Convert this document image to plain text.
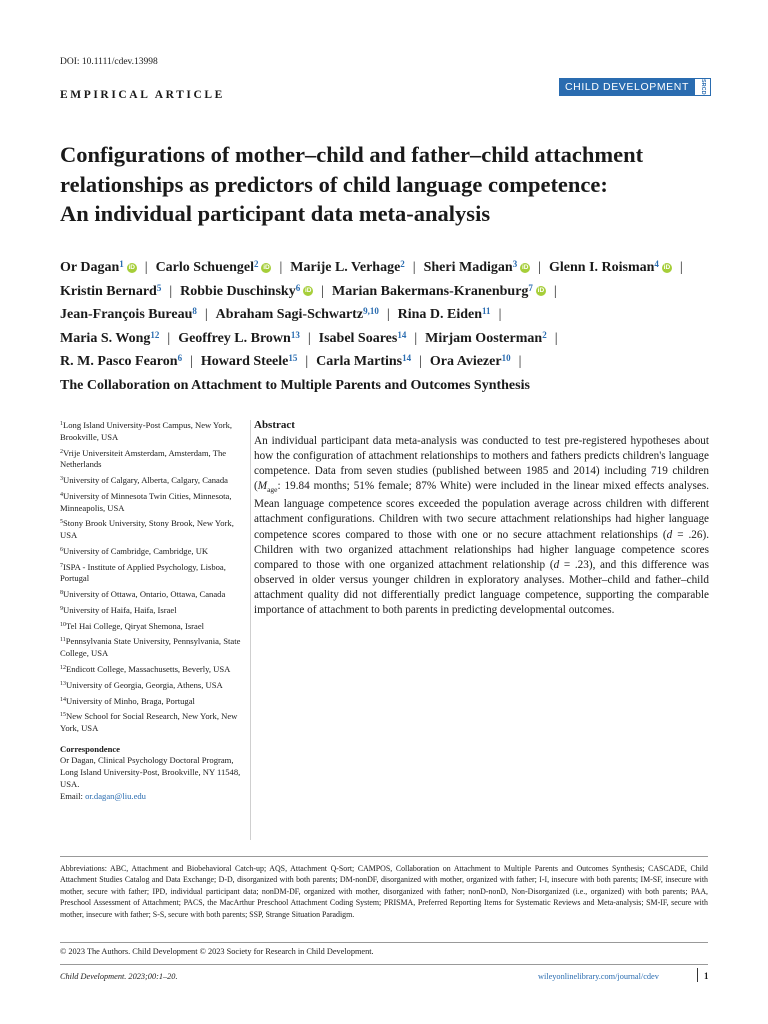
DOI: 10.1111/cdev.13998
EMPIRICAL ARTICLE
CHILD DEVELOPMENT	SRCD
Configurations of mother–child and father–child attachment
relationships as predictors of child language competence:
An individual participant data meta-analysis
Or Dagan$^1$ iD | Carlo Schuengel$^2$ iD | Marije L. Verhage$^2$ | Sheri Madigan$^3$ iD | Glenn I. Roisman$^4$ iD |
Kristin Bernard$^5$ | Robbie Duschinsky$^6$ iD | Marian Bakermans-Kranenburg$^7$ iD |
Jean-François Bureau$^8$ | Abraham Sagi-Schwartz$^{9,10}$ | Rina D. Eiden$^{11}$ |
Maria S. Wong$^{12}$ | Geoffrey L. Brown$^{13}$ | Isabel Soares$^{14}$ | Mirjam Oosterman$^2$ |
R. M. Pasco Fearon$^6$ | Howard Steele$^{15}$ | Carla Martins$^{14}$ | Ora Aviezer$^{10}$ |
The Collaboration on Attachment to Multiple Parents and Outcomes Synthesis
$^1$Long Island University-Post Campus, New York, Brookville, USA
$^2$Vrije Universiteit Amsterdam, Amsterdam, The Netherlands
$^3$University of Calgary, Alberta, Calgary, Canada
$^4$University of Minnesota Twin Cities, Minnesota, Minneapolis, USA
$^5$Stony Brook University, Stony Brook, New York, USA
$^6$University of Cambridge, Cambridge, UK
$^7$ISPA - Institute of Applied Psychology, Lisboa, Portugal
$^8$University of Ottawa, Ontario, Ottawa, Canada
$^9$University of Haifa, Haifa, Israel
$^{10}$Tel Hai College, Qiryat Shemona, Israel
$^{11}$Pennsylvania State University, Pennsylvania, State College, USA
$^{12}$Endicott College, Massachusetts, Beverly, USA
$^{13}$University of Georgia, Georgia, Athens, USA
$^{14}$University of Minho, Braga, Portugal
$^{15}$New School for Social Research, New York, New York, USA
Correspondence
Or Dagan, Clinical Psychology Doctoral Program, Long Island University-Post, Brookville, NY 11548, USA.
Email: or.dagan@liu.edu
Abstract
An individual participant data meta-analysis was conducted to test pre-registered hypotheses about how the configuration of attachment relationships to mothers and fathers predicts children's language competence. Data from seven studies (published between 1985 and 2014) including 719 children ($M_{age}$: 19.84 months; 51% female; 87% White) were included in the linear mixed effects analyses. Mean language competence scores exceeded the population average across children with different attachment configurations. Children with two secure attachment relationships had higher language competence scores compared to those with one or no secure attachment relationships (d = .26). Children with two organized attachment relationships had higher language competence scores compared to those with one organized attachment relationship (d = .23), and this difference was observed in older versus younger children in exploratory analyses. Mother–child and father–child attachment quality did not differentially predict language competence, supporting the comparable importance of attachment to both parents in predicting developmental outcomes.
Abbreviations: ABC, Attachment and Biobehavioral Catch-up; AQS, Attachment Q-Sort; CAMPOS, Collaboration on Attachment to Multiple Parents and Outcomes Synthesis; CASCADE, Child Attachment Studies Catalog and Data Exchange; D-D, disorganized with both parents; DM-nonDF, disorganized with mother, organized with father; I-I, insecure with both parents; IM-SF, insecure with mother, secure with father; IPD, individual participant data; nonDM-DF, organized with mother, disorganized with father; nonD-nonD, Non-Disorganized (i.e., organized) with both parents; PAA, Preschool Assessment of Attachment; PACS, the MacArthur Preschool Attachment Coding System; PRISMA, Preferred Reporting Items for Systematic Reviews and Meta-analysis; SM-IF, secure with mother, insecure with father; S-S, secure with both parents; SSP, Strange Situation Paradigm.
© 2023 The Authors. Child Development © 2023 Society for Research in Child Development.
Child Development. 2023;00:1–20.	wileyonlinelibrary.com/journal/cdev	1
